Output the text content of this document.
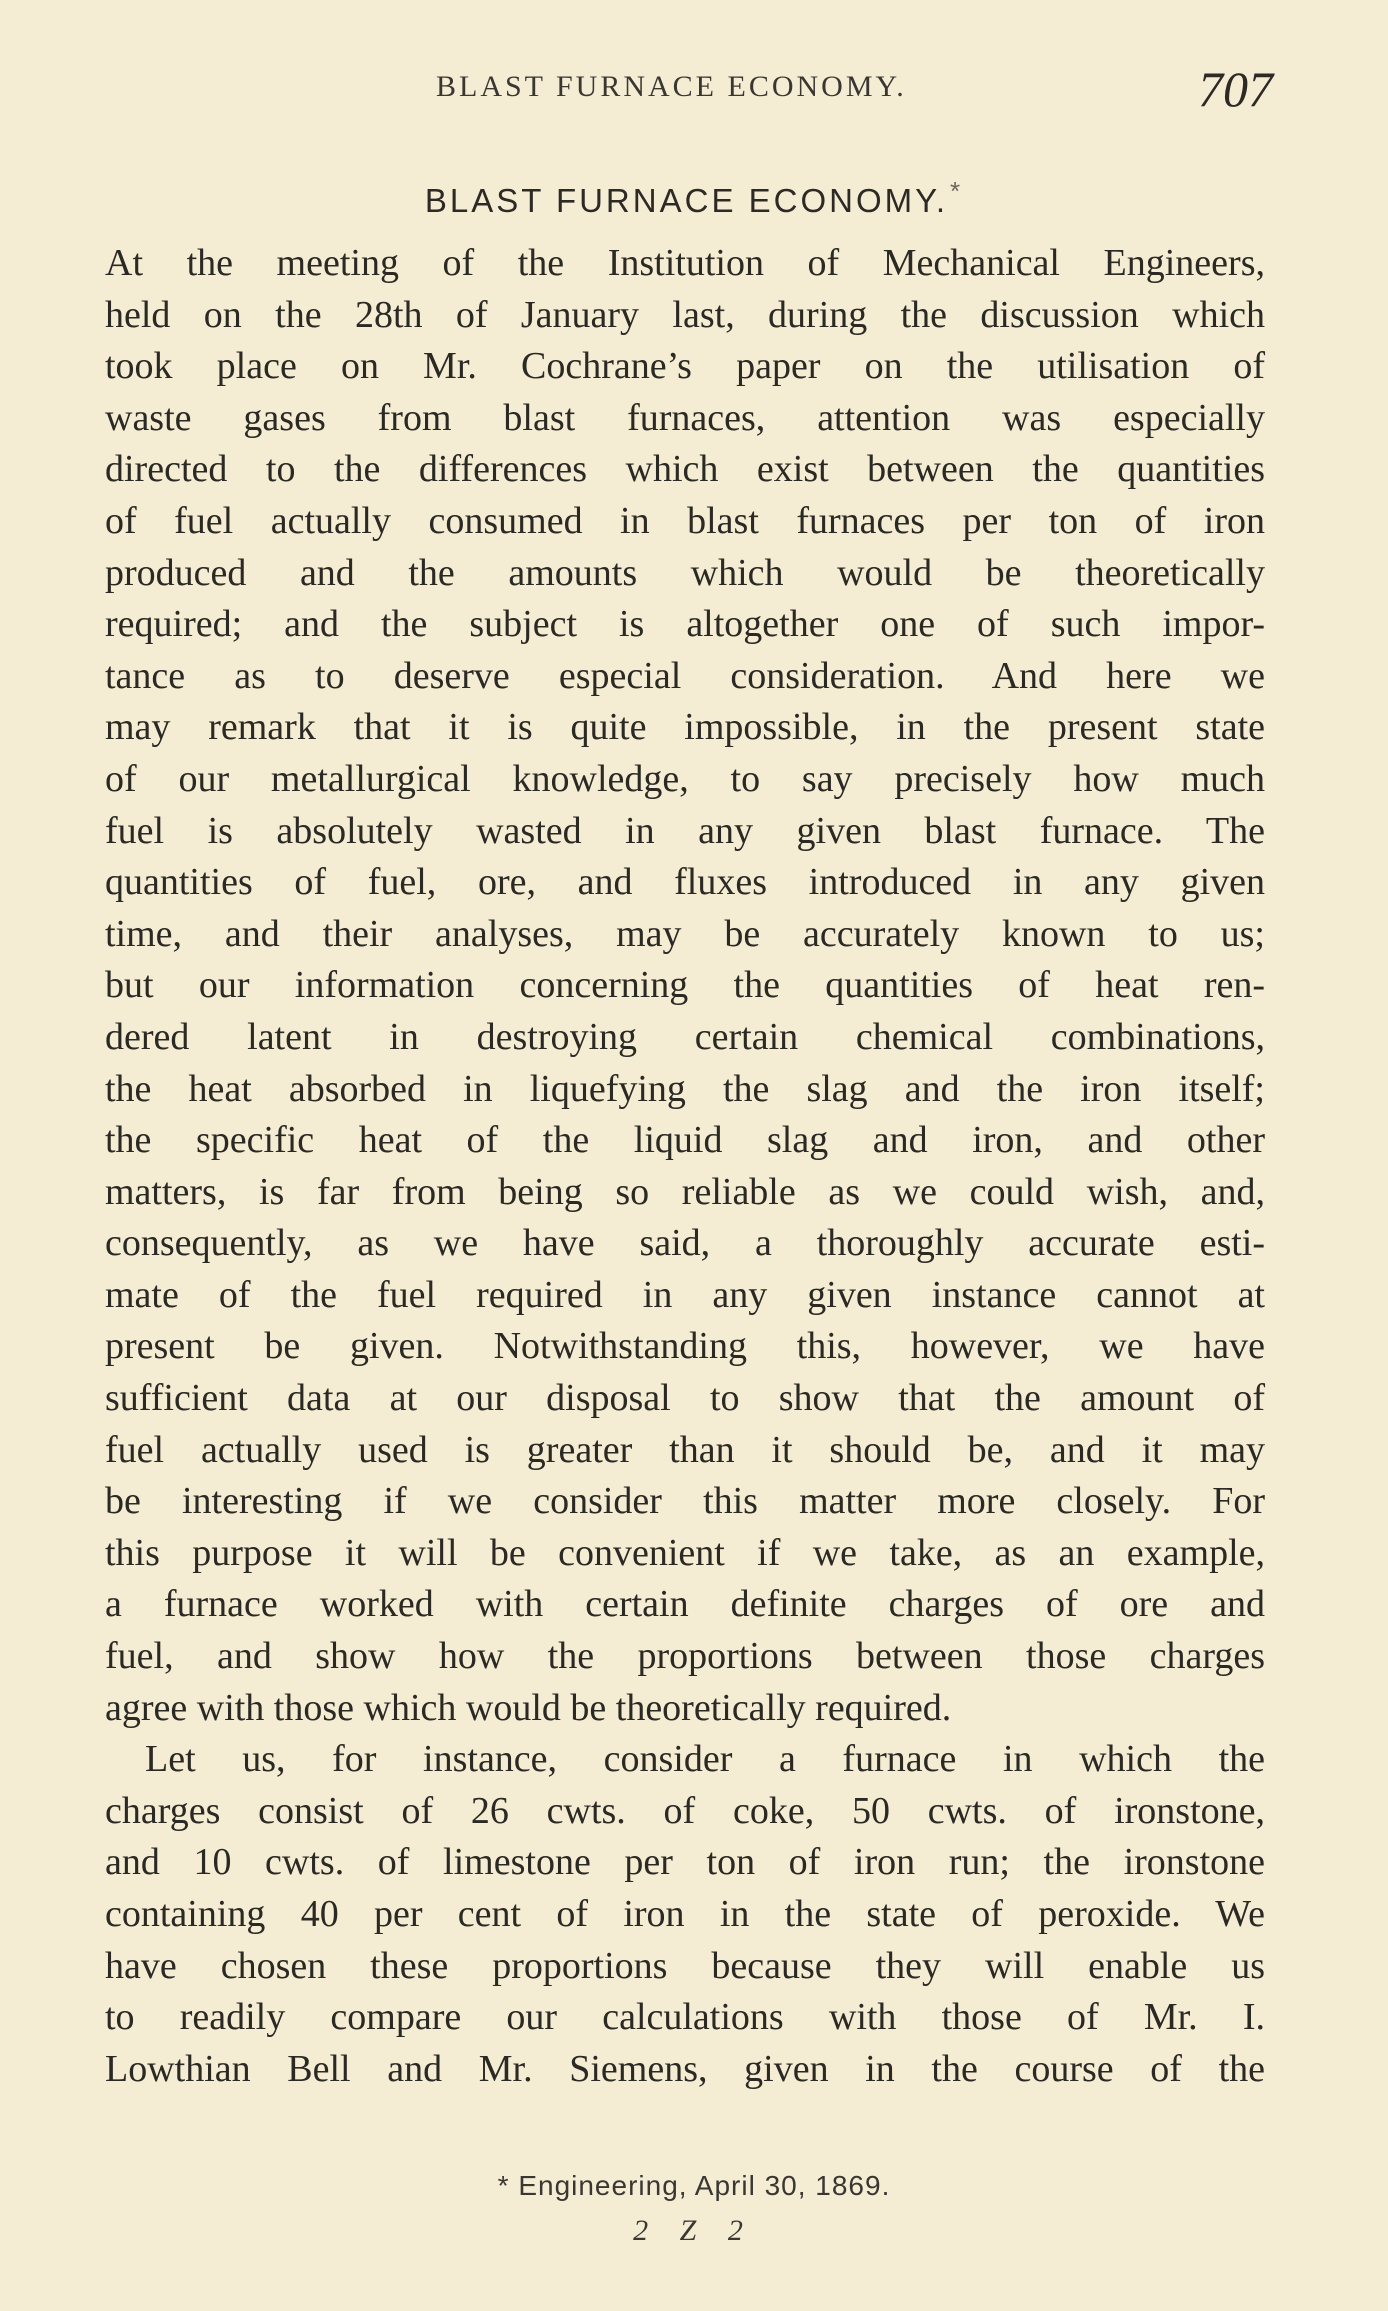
BLAST FURNACE ECONOMY.	707
BLAST FURNACE ECONOMY.*
At the meeting of the Institution of Mechanical Engineers,
held on the 28th of January last, during the discussion which
took place on Mr. Cochrane’s paper on the utilisation of
waste gases from blast furnaces, attention was especially
directed to the differences which exist between the quantities
of fuel actually consumed in blast furnaces per ton of iron
produced and the amounts which would be theoretically
required; and the subject is altogether one of such impor-
tance as to deserve especial consideration. And here we
may remark that it is quite impossible, in the present state
of our metallurgical knowledge, to say precisely how much
fuel is absolutely wasted in any given blast furnace. The
quantities of fuel, ore, and fluxes introduced in any given
time, and their analyses, may be accurately known to us;
but our information concerning the quantities of heat ren-
dered latent in destroying certain chemical combinations,
the heat absorbed in liquefying the slag and the iron itself;
the specific heat of the liquid slag and iron, and other
matters, is far from being so reliable as we could wish, and,
consequently, as we have said, a thoroughly accurate esti-
mate of the fuel required in any given instance cannot at
present be given. Notwithstanding this, however, we have
sufficient data at our disposal to show that the amount of
fuel actually used is greater than it should be, and it may
be interesting if we consider this matter more closely. For
this purpose it will be convenient if we take, as an example,
a furnace worked with certain definite charges of ore and
fuel, and show how the proportions between those charges
agree with those which would be theoretically required.
Let us, for instance, consider a furnace in which the
charges consist of 26 cwts. of coke, 50 cwts. of ironstone,
and 10 cwts. of limestone per ton of iron run; the ironstone
containing 40 per cent of iron in the state of peroxide. We
have chosen these proportions because they will enable us
to readily compare our calculations with those of Mr. I.
Lowthian Bell and Mr. Siemens, given in the course of the
* Engineering, April 30, 1869.
2 Z 2
